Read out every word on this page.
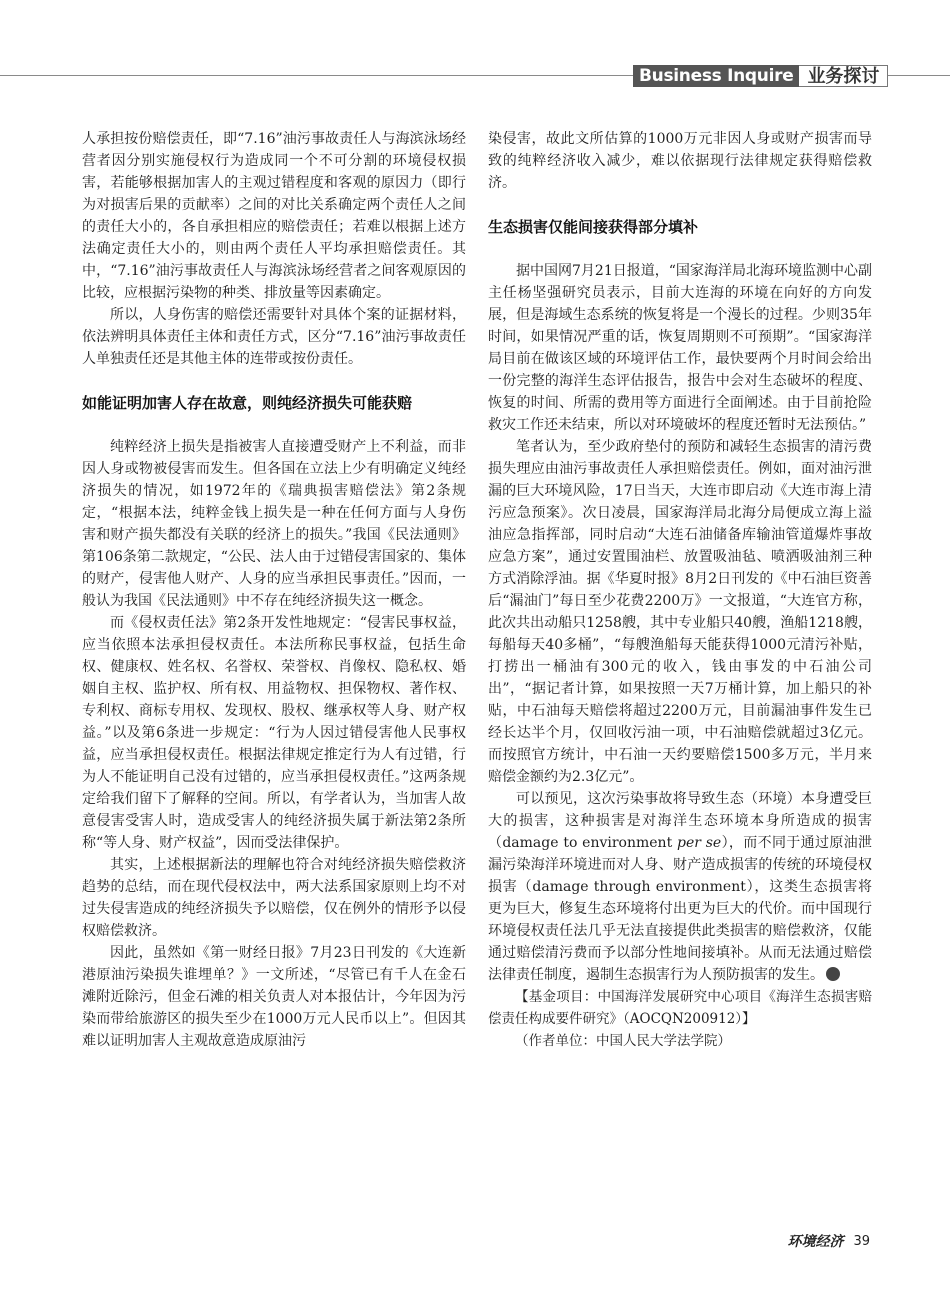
Business Inquire 业务探讨

人承担按份赔偿责任，即“7.16”油污事故责任人与海滨泳场经营者因分别实施侵权行为造成同一个不可分割的环境侵权损害，若能够根据加害人的主观过错程度和客观的原因力（即行为对损害后果的贡献率）之间的对比关系确定两个责任人之间的责任大小的，各自承担相应的赔偿责任；若难以根据上述方法确定责任大小的，则由两个责任人平均承担赔偿责任。其中，“7.16”油污事故责任人与海滨泳场经营者之间客观原因的比较，应根据污染物的种类、排放量等因素确定。

所以，人身伤害的赔偿还需要针对具体个案的证据材料，依法辨明具体责任主体和责任方式，区分“7.16”油污事故责任人单独责任还是其他主体的连带或按份责任。

如能证明加害人存在故意，则纯经济损失可能获赔

纯粹经济上损失是指被害人直接遭受财产上不利益，而非因人身或物被侵害而发生。但各国在立法上少有明确定义纯经济损失的情况，如1972年的《瑞典损害赔偿法》第2条规定，“根据本法，纯粹金钱上损失是一种在任何方面与人身伤害和财产损失都没有关联的经济上的损失。”我国《民法通则》第106条第二款规定，“公民、法人由于过错侵害国家的、集体的财产，侵害他人财产、人身的应当承担民事责任。”因而，一般认为我国《民法通则》中不存在纯经济损失这一概念。

而《侵权责任法》第2条开发性地规定：“侵害民事权益，应当依照本法承担侵权责任。本法所称民事权益，包括生命权、健康权、姓名权、名誉权、荣誉权、肖像权、隐私权、婚姻自主权、监护权、所有权、用益物权、担保物权、著作权、专利权、商标专用权、发现权、股权、继承权等人身、财产权益。”以及第6条进一步规定：“行为人因过错侵害他人民事权益，应当承担侵权责任。根据法律规定推定行为人有过错，行为人不能证明自己没有过错的，应当承担侵权责任。”这两条规定给我们留下了解释的空间。所以，有学者认为，当加害人故意侵害受害人时，造成受害人的纯经济损失属于新法第2条所称“等人身、财产权益”，因而受法律保护。

其实，上述根据新法的理解也符合对纯经济损失赔偿救济趋势的总结，而在现代侵权法中，两大法系国家原则上均不对过失侵害造成的纯经济损失予以赔偿，仅在例外的情形予以侵权赔偿救济。

因此，虽然如《第一财经日报》7月23日刊发的《大连新港原油污染损失谁埋单？》一文所述，“尽管已有千人在金石滩附近除污，但金石滩的相关负责人对本报估计，今年因为污染而带给旅游区的损失至少在1000万元人民币以上”。但因其难以证明加害人主观故意造成原油污

染侵害，故此文所估算的1000万元非因人身或财产损害而导致的纯粹经济收入减少，难以依据现行法律规定获得赔偿救济。

生态损害仅能间接获得部分填补

据中国网7月21日报道，“国家海洋局北海环境监测中心副主任杨坚强研究员表示，目前大连海的环境在向好的方向发展，但是海域生态系统的恢复将是一个漫长的过程。少则35年时间，如果情况严重的话，恢复周期则不可预期”。“国家海洋局目前在做该区域的环境评估工作，最快要两个月时间会给出一份完整的海洋生态评估报告，报告中会对生态破坏的程度、恢复的时间、所需的费用等方面进行全面阐述。由于目前抢险救灾工作还未结束，所以对环境破坏的程度还暂时无法预估。”

笔者认为，至少政府垫付的预防和减轻生态损害的清污费损失理应由油污事故责任人承担赔偿责任。例如，面对油污泄漏的巨大环境风险，17日当天，大连市即启动《大连市海上清污应急预案》。次日凌晨，国家海洋局北海分局便成立海上溢油应急指挥部，同时启动“大连石油储备库输油管道爆炸事故应急方案”，通过安置围油栏、放置吸油毡、喷洒吸油剂三种方式消除浮油。据《华夏时报》8月2日刊发的《中石油巨资善后“漏油门”每日至少花费2200万》一文报道，“大连官方称，此次共出动船只1258艘，其中专业船只40艘，渔船1218艘，每船每天40多桶”，“每艘渔船每天能获得1000元清污补贴，打捞出一桶油有300元的收入，钱由事发的中石油公司出”，“据记者计算，如果按照一天7万桶计算，加上船只的补贴，中石油每天赔偿将超过2200万元，目前漏油事件发生已经长达半个月，仅回收污油一项，中石油赔偿就超过3亿元。而按照官方统计，中石油一天约要赔偿1500多万元，半月来赔偿金额约为2.3亿元”。

可以预见，这次污染事故将导致生态（环境）本身遭受巨大的损害，这种损害是对海洋生态环境本身所造成的损害（damage to environment per se），而不同于通过原油泄漏污染海洋环境进而对人身、财产造成损害的传统的环境侵权损害（damage through environment），这类生态损害将更为巨大，修复生态环境将付出更为巨大的代价。而中国现行环境侵权责任法几乎无法直接提供此类损害的赔偿救济，仅能通过赔偿清污费而予以部分性地间接填补。从而无法通过赔偿法律责任制度，遏制生态损害行为人预防损害的发生。

【基金项目：中国海洋发展研究中心项目《海洋生态损害赔偿责任构成要件研究》（AOCQN200912）】

（作者单位：中国人民大学法学院）

环境经济 39
